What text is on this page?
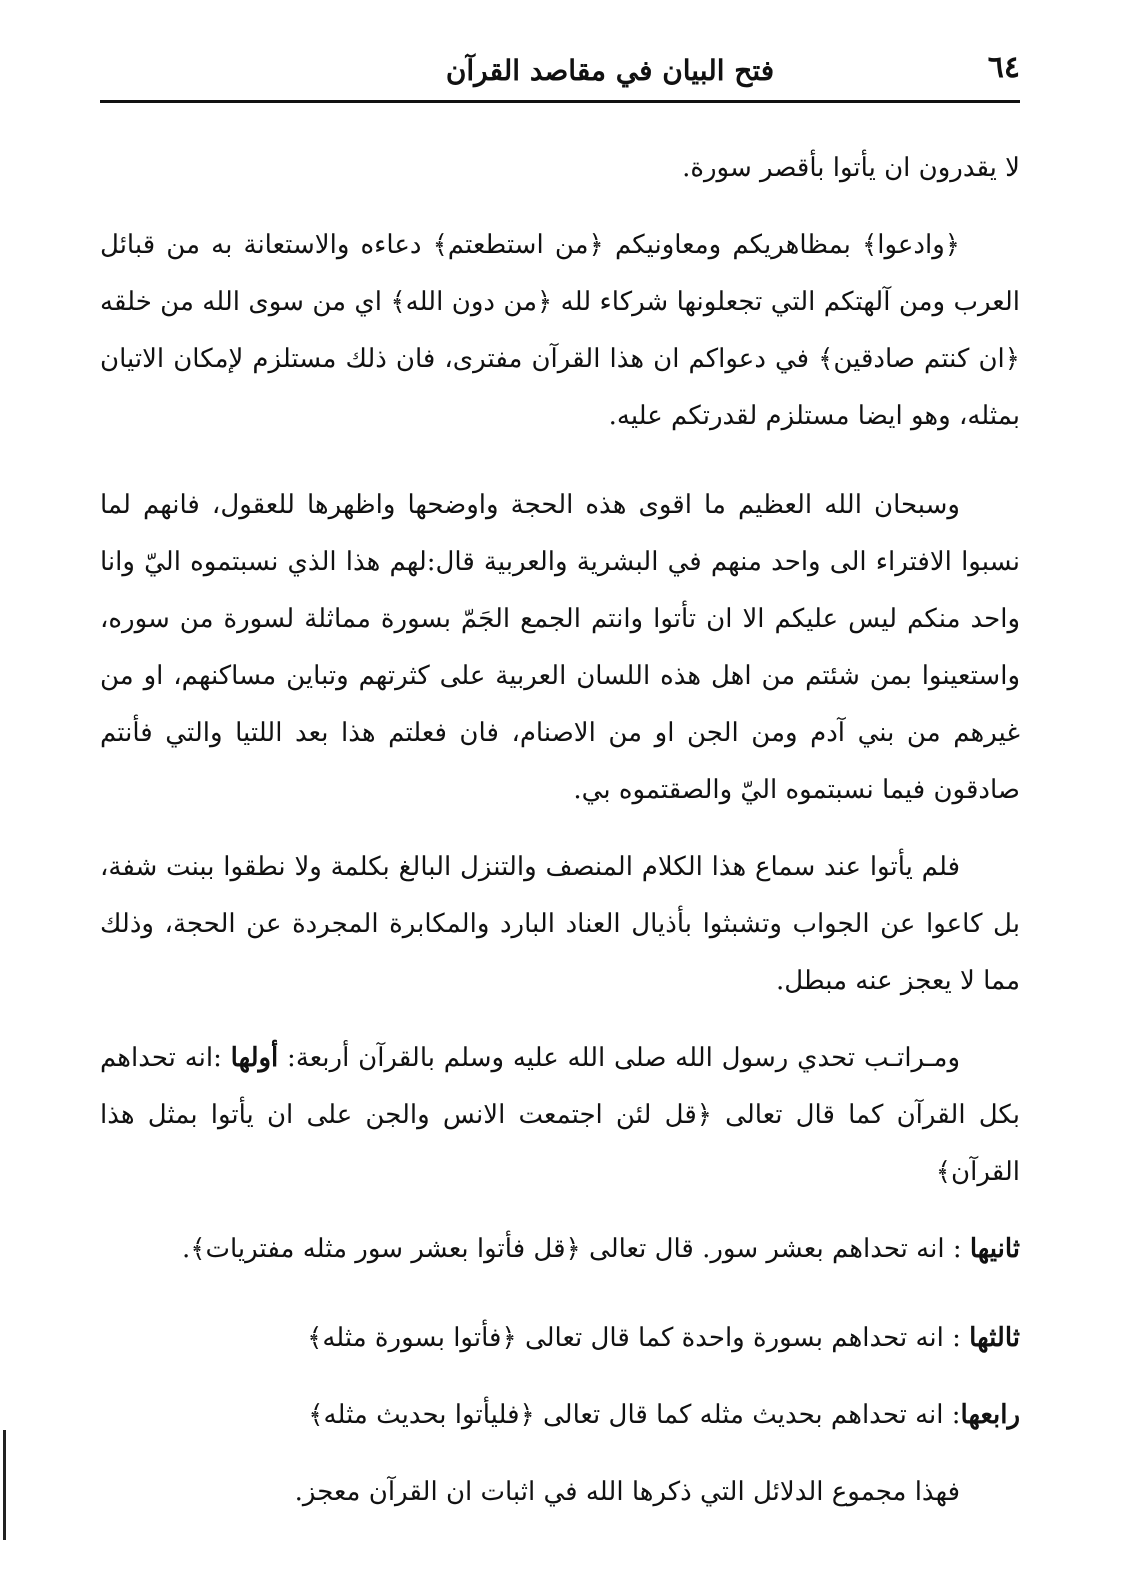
٦٤
فتح البيان في مقاصد القرآن

لا يقدرون ان يأتوا بأقصر سورة.

﴿وادعوا﴾ بمظاهريكم ومعاونيكم ﴿من استطعتم﴾ دعاءه والاستعانة به من قبائل العرب ومن آلهتكم التي تجعلونها شركاء لله ﴿من دون الله﴾ اي من سوى الله من خلقه ﴿ان كنتم صادقين﴾ في دعواكم ان هذا القرآن مفترى، فان ذلك مستلزم لإمكان الاتيان بمثله، وهو ايضا مستلزم لقدرتكم عليه.

وسبحان الله العظيم ما اقوى هذه الحجة واوضحها واظهرها للعقول، فانهم لما نسبوا الافتراء الى واحد منهم في البشرية والعربية قال:لهم هذا الذي نسبتموه اليّ وانا واحد منكم ليس عليكم الا ان تأتوا وانتم الجمع الجَمّ بسورة مماثلة لسورة من سوره، واستعينوا بمن شئتم من اهل هذه اللسان العربية على كثرتهم وتباين مساكنهم، او من غيرهم من بني آدم ومن الجن او من الاصنام، فان فعلتم هذا بعد اللتيا والتي فأنتم صادقون فيما نسبتموه اليّ والصقتموه بي.

فلم يأتوا عند سماع هذا الكلام المنصف والتنزل البالغ بكلمة ولا نطقوا ببنت شفة، بل كاعوا عن الجواب وتشبثوا بأذيال العناد البارد والمكابرة المجردة عن الحجة، وذلك مما لا يعجز عنه مبطل.

ومـراتـب تحدي رسول الله صلى الله عليه وسلم بالقرآن أربعة: أولها :انه تحداهم بكل القرآن كما قال تعالى ﴿قل لئن اجتمعت الانس والجن على ان يأتوا بمثل هذا القرآن﴾

ثانيها : انه تحداهم بعشر سور. قال تعالى ﴿قل فأتوا بعشر سور مثله مفتريات﴾.

ثالثها : انه تحداهم بسورة واحدة كما قال تعالى ﴿فأتوا بسورة مثله﴾

رابعها: انه تحداهم بحديث مثله كما قال تعالى ﴿فليأتوا بحديث مثله﴾

فهذا مجموع الدلائل التي ذكرها الله في اثبات ان القرآن معجز.
